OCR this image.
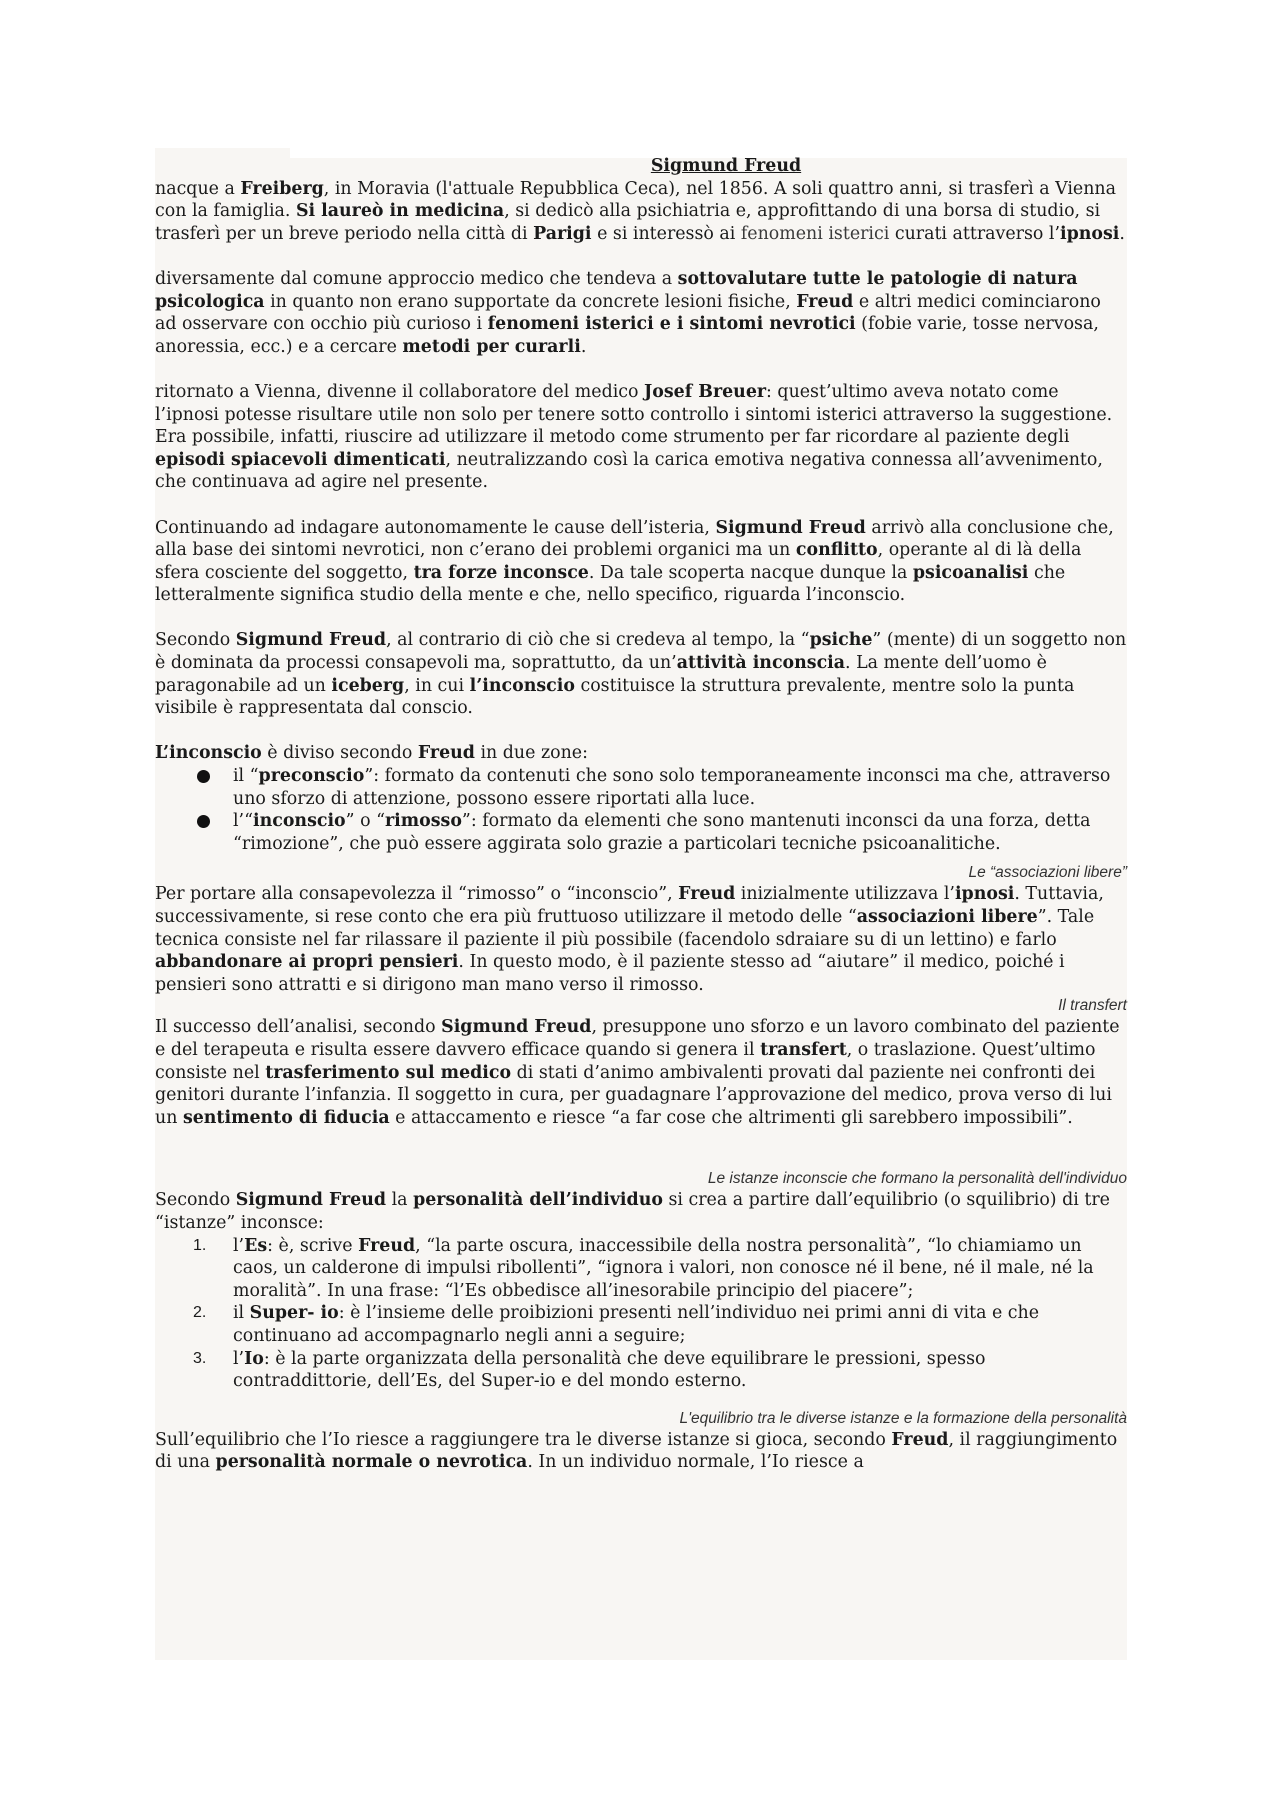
Sigmund Freud

nacque a Freiberg, in Moravia (l'attuale Repubblica Ceca), nel 1856. A soli quattro anni, si trasferì a Vienna con la famiglia. Si laureò in medicina, si dedicò alla psichiatria e, approfittando di una borsa di studio, si trasferì per un breve periodo nella città di Parigi e si interessò ai fenomeni isterici curati attraverso l’ipnosi.

diversamente dal comune approccio medico che tendeva a sottovalutare tutte le patologie di natura psicologica in quanto non erano supportate da concrete lesioni fisiche, Freud e altri medici cominciarono ad osservare con occhio più curioso i fenomeni isterici e i sintomi nevrotici (fobie varie, tosse nervosa, anoressia, ecc.) e a cercare metodi per curarli.

ritornato a Vienna, divenne il collaboratore del medico Josef Breuer: quest’ultimo aveva notato come l’ipnosi potesse risultare utile non solo per tenere sotto controllo i sintomi isterici attraverso la suggestione. Era possibile, infatti, riuscire ad utilizzare il metodo come strumento per far ricordare al paziente degli episodi spiacevoli dimenticati, neutralizzando così la carica emotiva negativa connessa all’avvenimento, che continuava ad agire nel presente.

Continuando ad indagare autonomamente le cause dell’isteria, Sigmund Freud arrivò alla conclusione che, alla base dei sintomi nevrotici, non c’erano dei problemi organici ma un conflitto, operante al di là della sfera cosciente del soggetto, tra forze inconsce. Da tale scoperta nacque dunque la psicoanalisi che letteralmente significa studio della mente e che, nello specifico, riguarda l’inconscio.

Secondo Sigmund Freud, al contrario di ciò che si credeva al tempo, la “psiche” (mente) di un soggetto non è dominata da processi consapevoli ma, soprattutto, da un’attività inconscia. La mente dell’uomo è paragonabile ad un iceberg, in cui l’inconscio costituisce la struttura prevalente, mentre solo la punta visibile è rappresentata dal conscio.

L’inconscio è diviso secondo Freud in due zone:

il “preconscio”: formato da contenuti che sono solo temporaneamente inconsci ma che, attraverso uno sforzo di attenzione, possono essere riportati alla luce.
l’“inconscio” o “rimosso”: formato da elementi che sono mantenuti inconsci da una forza, detta “rimozione”, che può essere aggirata solo grazie a particolari tecniche psicoanalitiche.
Le “associazioni libere”

Per portare alla consapevolezza il “rimosso” o “inconscio”, Freud inizialmente utilizzava l’ipnosi. Tuttavia, successivamente, si rese conto che era più fruttuoso utilizzare il metodo delle “associazioni libere”. Tale tecnica consiste nel far rilassare il paziente il più possibile (facendolo sdraiare su di un lettino) e farlo abbandonare ai propri pensieri. In questo modo, è il paziente stesso ad “aiutare” il medico, poiché i pensieri sono attratti e si dirigono man mano verso il rimosso.

Il transfert

Il successo dell’analisi, secondo Sigmund Freud, presuppone uno sforzo e un lavoro combinato del paziente e del terapeuta e risulta essere davvero efficace quando si genera il transfert, o traslazione. Quest’ultimo consiste nel trasferimento sul medico di stati d’animo ambivalenti provati dal paziente nei confronti dei genitori durante l’infanzia. Il soggetto in cura, per guadagnare l’approvazione del medico, prova verso di lui un sentimento di fiducia e attaccamento e riesce “a far cose che altrimenti gli sarebbero impossibili”.

Le istanze inconscie che formano la personalità dell'individuo

Secondo Sigmund Freud la personalità dell’individuo si crea a partire dall’equilibrio (o squilibrio) di tre “istanze” inconsce:

1. l’Es: è, scrive Freud, “la parte oscura, inaccessibile della nostra personalità”, “lo chiamiamo un caos, un calderone di impulsi ribollenti”, “ignora i valori, non conosce né il bene, né il male, né la moralità”. In una frase: “l’Es obbedisce all’inesorabile principio del piacere”;
2. il Super- io: è l’insieme delle proibizioni presenti nell’individuo nei primi anni di vita e che continuano ad accompagnarlo negli anni a seguire;
3. l’Io: è la parte organizzata della personalità che deve equilibrare le pressioni, spesso contraddittorie, dell’Es, del Super-io e del mondo esterno.
L'equilibrio tra le diverse istanze e la formazione della personalità

Sull’equilibrio che l’Io riesce a raggiungere tra le diverse istanze si gioca, secondo Freud, il raggiungimento di una personalità normale o nevrotica. In un individuo normale, l’Io riesce a
